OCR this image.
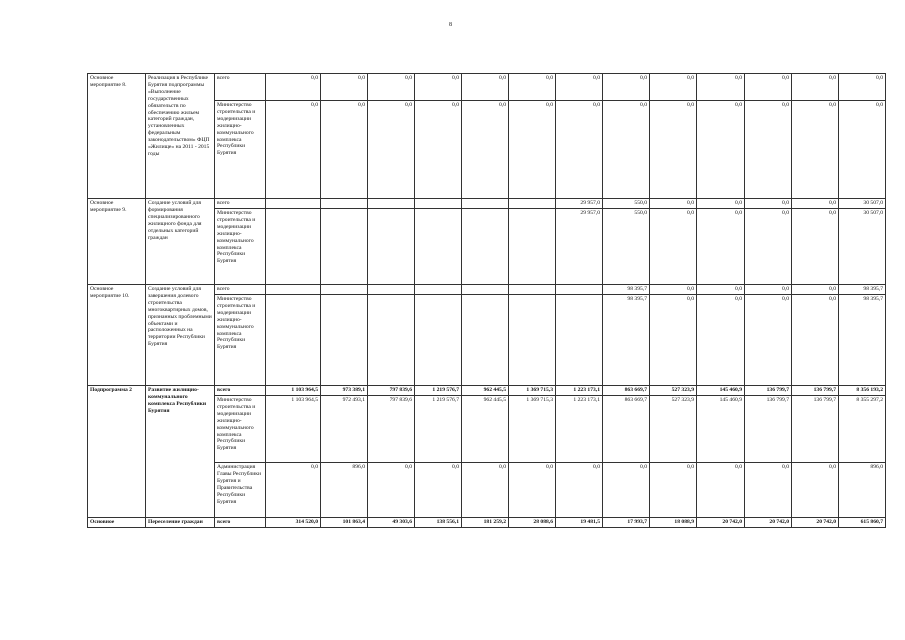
8
Основное мероприятие 8.	Реализация в Республике Бурятия подпрограммы «Выполнение государственных обязательств по обеспечению жильем категорий граждан, установленных федеральным законодательством» ФЦП «Жилище» на 2011 - 2015 годы	всего	0,0	0,0	0,0	0,0	0,0	0,0	0,0	0,0	0,0	0,0	0,0	0,0	0,0
		Министерство строительства и модернизации жилищно-коммунального комплекса Республики Бурятия	0,0	0,0	0,0	0,0	0,0	0,0	0,0	0,0	0,0	0,0	0,0	0,0	0,0
Основное мероприятие 9.	Создание условий для формирования специализированного жилищного фонда для отдельных категорий граждан	всего							29 957,0	550,0	0,0	0,0	0,0	0,0	30 507,0
		Министерство строительства и модернизации жилищно-коммунального комплекса Республики Бурятия							29 957,0	550,0	0,0	0,0	0,0	0,0	30 507,0
Основное мероприятие 10.	Создание условий для завершения долевого строительства многоквартирных домов, признанных проблемными объектами и расположенных на территории Республики Бурятия	всего								98 395,7	0,0	0,0	0,0	0,0	98 395,7
		Министерство строительства и модернизации жилищно-коммунального комплекса Республики Бурятия								98 395,7	0,0	0,0	0,0	0,0	98 395,7
Подпрограмма 2	Развитие жилищно-коммунального комплекса Республики Бурятия	всего	1 103 964,5	973 389,1	797 839,6	1 219 576,7	962 445,5	1 369 715,3	1 223 173,1	863 669,7	527 323,9	145 460,9	136 799,7	136 799,7	8 356 193,2
		Министерство строительства и модернизации жилищно-коммунального комплекса Республики Бурятия	1 103 964,5	972 493,1	797 839,6	1 219 576,7	962 445,5	1 369 715,3	1 223 173,1	863 669,7	527 323,9	145 460,9	136 799,7	136 799,7	8 355 297,2
		Администрация Главы Республики Бурятия и Правительства Республики Бурятия	0,0	896,0	0,0	0,0	0,0	0,0	0,0	0,0	0,0	0,0	0,0	0,0	896,0
Основное	Переселение граждан	всего	314 520,0	101 863,4	49 303,6	138 556,1	181 259,2	28 088,6	19 481,5	17 993,7	18 088,9	20 742,0	20 742,0	20 742,0	615 860,7
